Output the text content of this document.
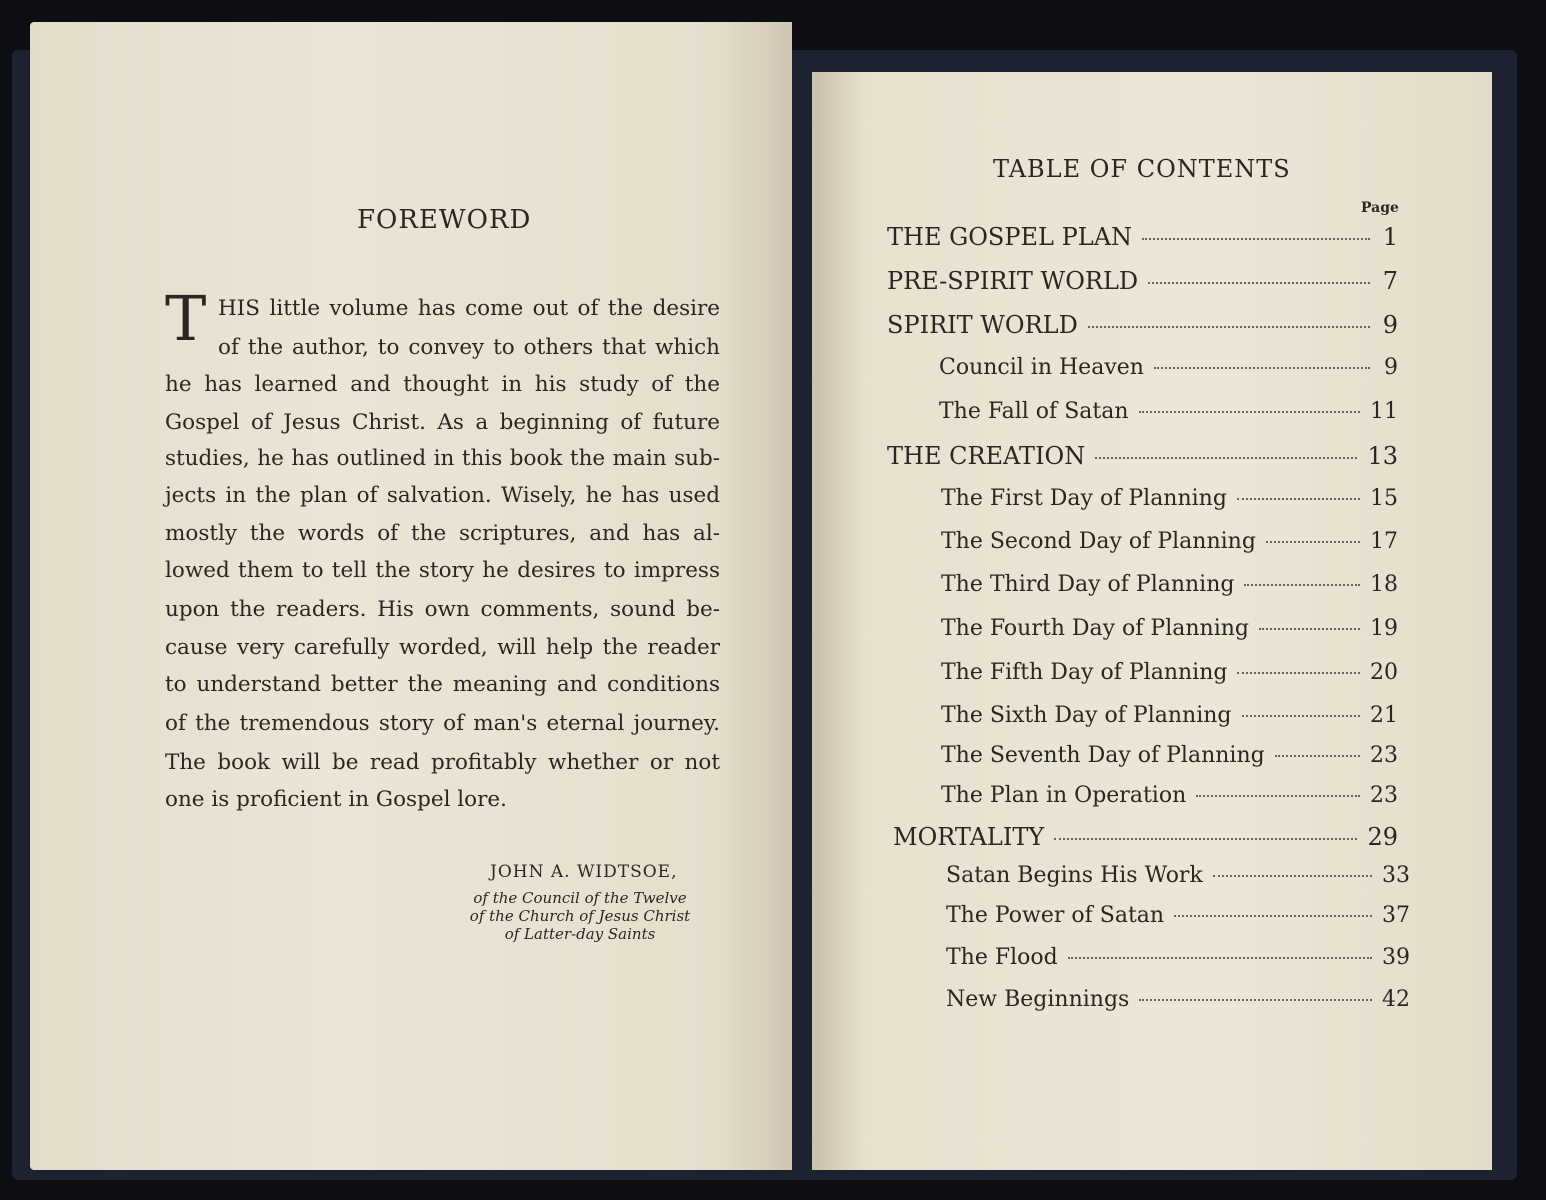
FOREWORD
T HIS little volume has come out of the desire
of the author, to convey to others that which
he has learned and thought in his study of the
Gospel of Jesus Christ. As a beginning of future
studies, he has outlined in this book the main sub-
jects in the plan of salvation. Wisely, he has used
mostly the words of the scriptures, and has al-
lowed them to tell the story he desires to impress
upon the readers. His own comments, sound be-
cause very carefully worded, will help the reader
to understand better the meaning and conditions
of the tremendous story of man's eternal journey.
The book will be read profitably whether or not
one is proficient in Gospel lore.
JOHN A. WIDTSOE,
of the Council of the Twelve
of the Church of Jesus Christ
of Latter-day Saints
TABLE OF CONTENTS
Page
THE GOSPEL PLAN	1
PRE-SPIRIT WORLD	7
SPIRIT WORLD	9
Council in Heaven	9
The Fall of Satan	11
THE CREATION	13
The First Day of Planning	15
The Second Day of Planning	17
The Third Day of Planning	18
The Fourth Day of Planning	19
The Fifth Day of Planning	20
The Sixth Day of Planning	21
The Seventh Day of Planning	23
The Plan in Operation	23
MORTALITY	29
Satan Begins His Work	33
The Power of Satan	37
The Flood	39
New Beginnings	42
